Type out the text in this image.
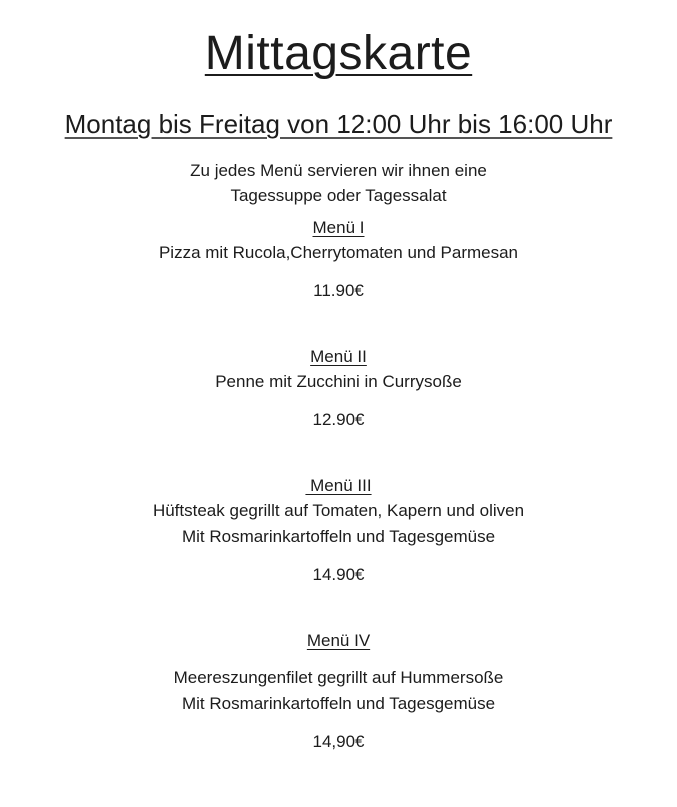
Mittagskarte
Montag bis Freitag von 12:00 Uhr bis 16:00 Uhr

Zu jedes Menü servieren wir ihnen eine
Tagessuppe oder Tagessalat

Menü I

Pizza mit Rucola,Cherrytomaten und Parmesan

11.90€

Menü II

Penne mit Zucchini in Currysoße

12.90€

Menü III

Hüftsteak gegrillt auf Tomaten, Kapern und oliven

Mit Rosmarinkartoffeln und Tagesgemüse

14.90€

Menü IV

Meereszungenfilet gegrillt auf Hummersoße

Mit Rosmarinkartoffeln und Tagesgemüse

14,90€
